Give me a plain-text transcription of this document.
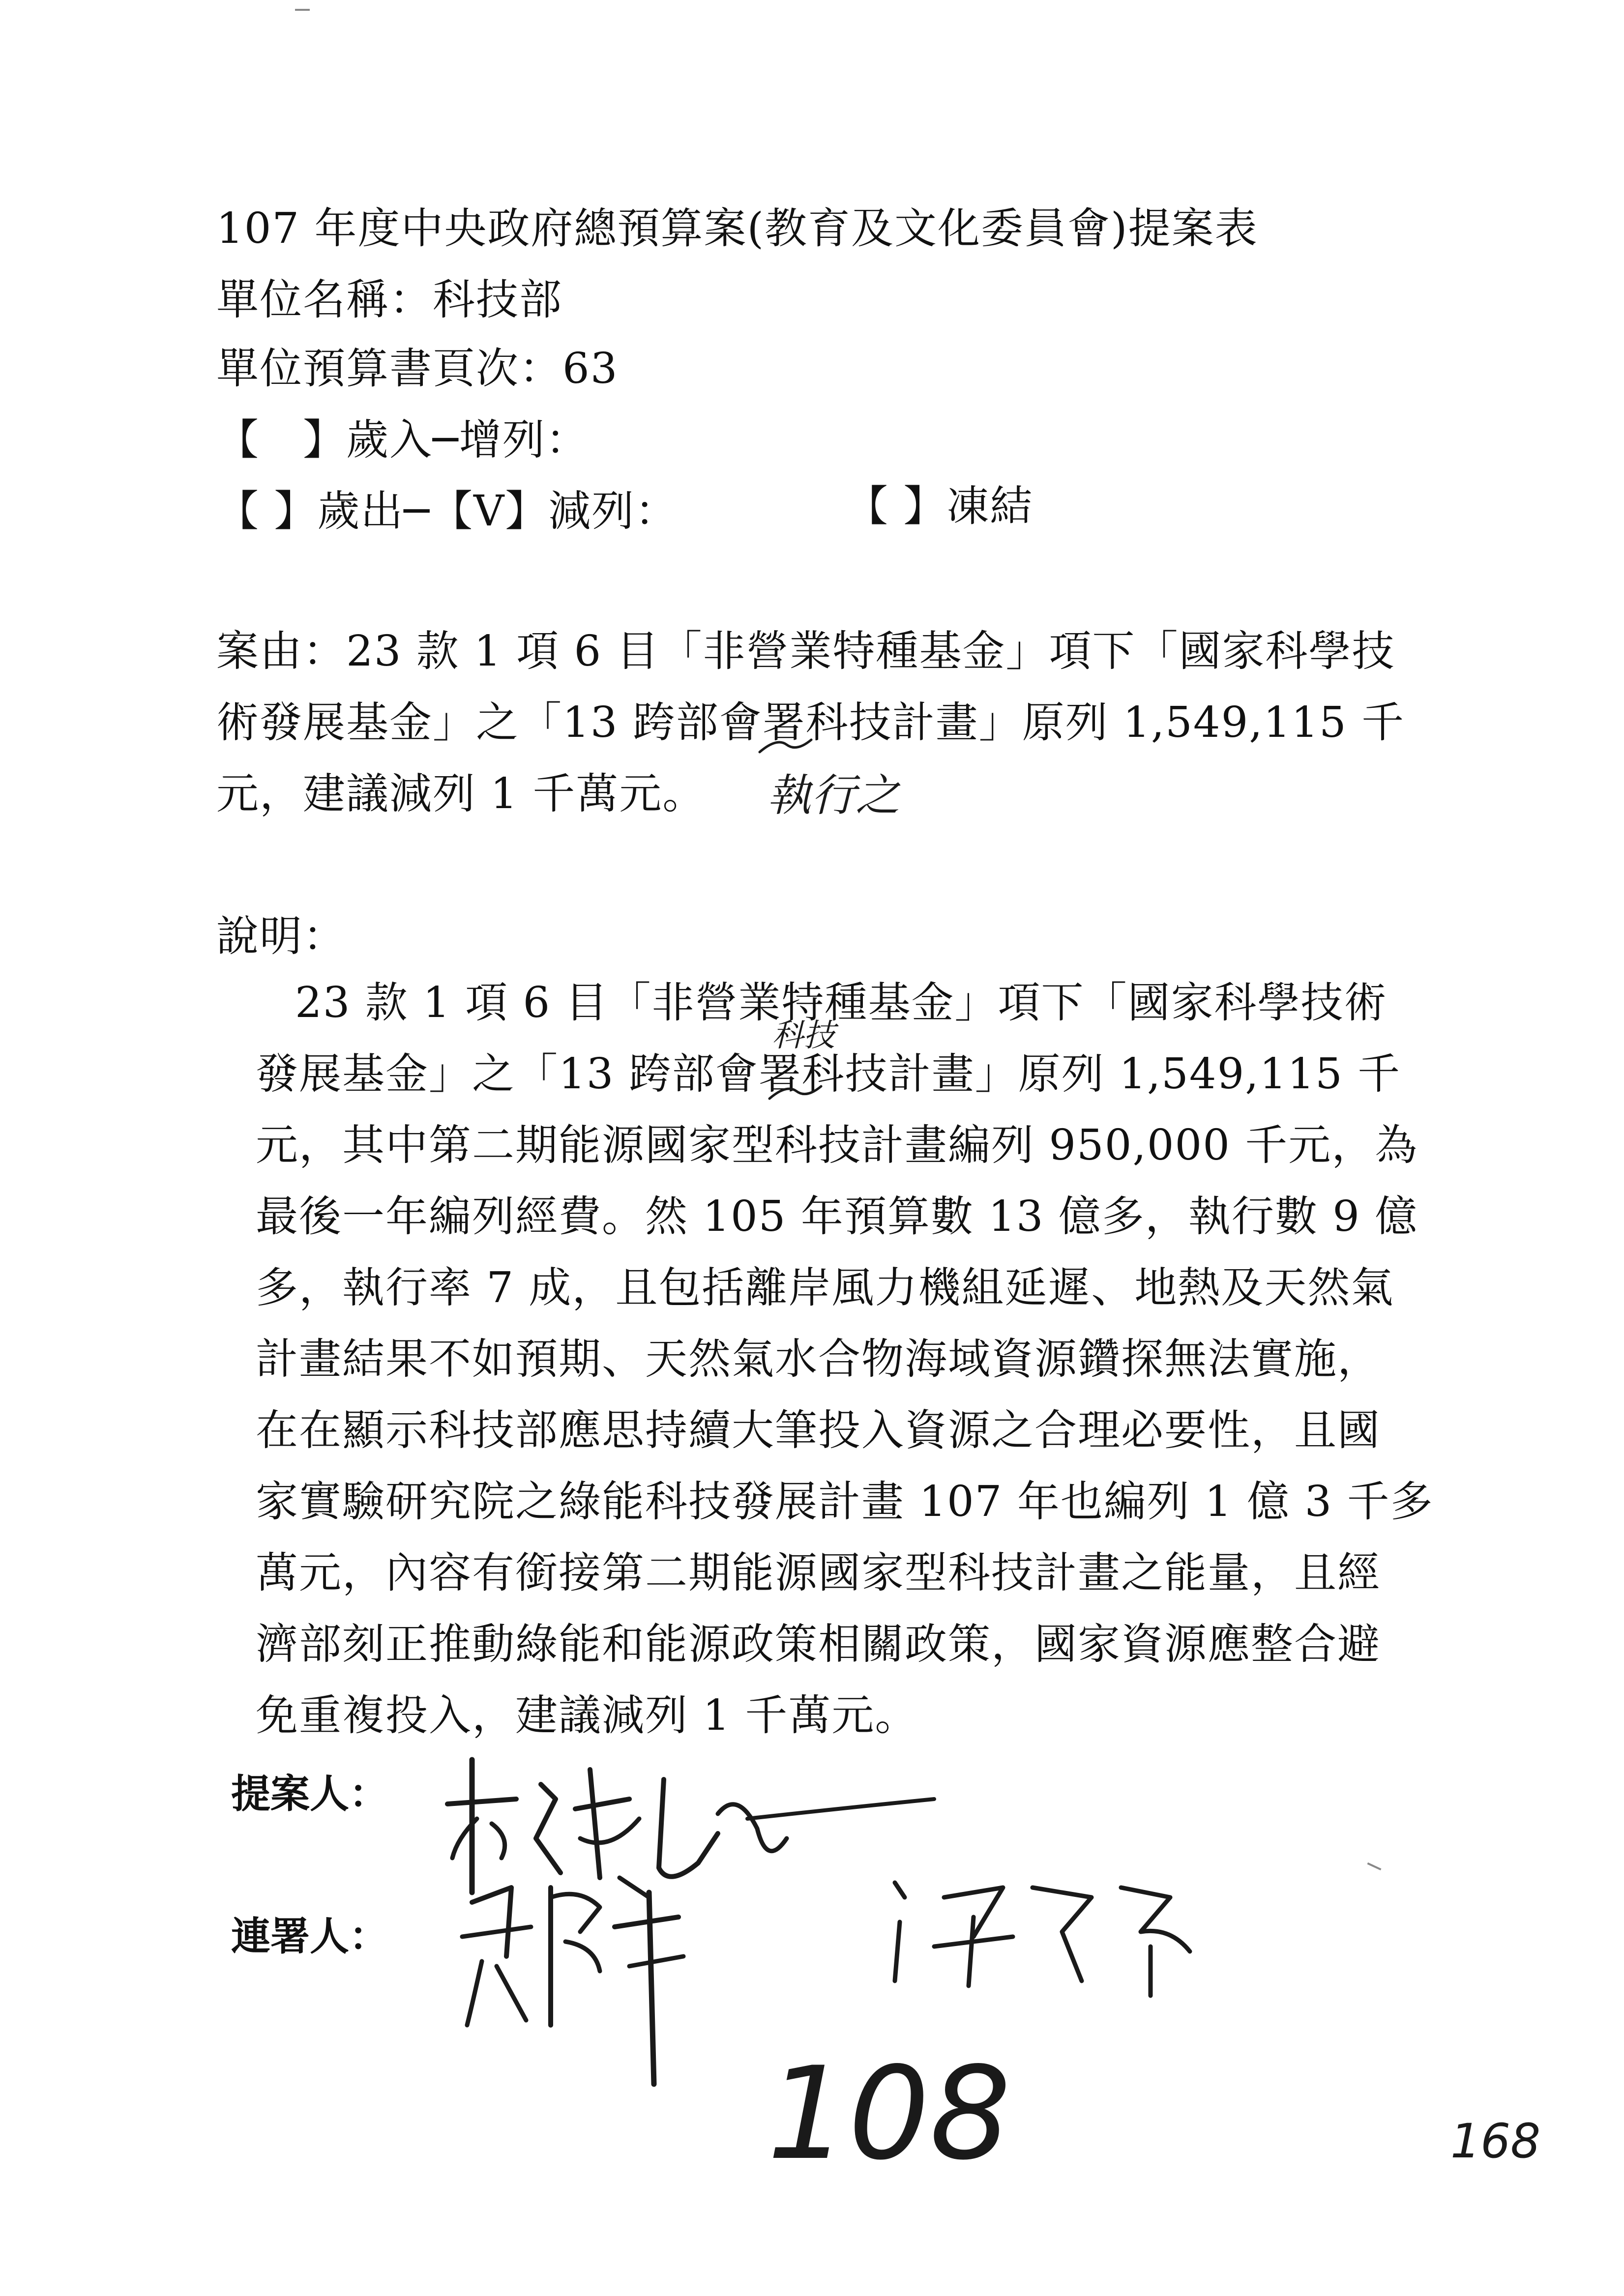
107 年度中央政府總預算案(教育及文化委員會)提案表
單位名稱：科技部
單位預算書頁次：63
【　】歲入─增列：
【 】歲出─【V】減列：	【 】凍結
案由：23 款 1 項 6 目「非營業特種基金」項下「國家科學技
術發展基金」之「13 跨部會署科技計畫」原列 1,549,115 千
元，建議減列 1 千萬元。 執行之
說明：
23 款 1 項 6 目「非營業特種基金」項下「國家科學技術
發展基金」之「13 跨部會署科技計畫」原列 1,549,115 千
元，其中第二期能源國家型科技計畫編列 950,000 千元，為
最後一年編列經費。然 105 年預算數 13 億多，執行數 9 億
多，執行率 7 成，且包括離岸風力機組延遲、地熱及天然氣
計畫結果不如預期、天然氣水合物海域資源鑽探無法實施，
在在顯示科技部應思持續大筆投入資源之合理必要性，且國
家實驗研究院之綠能科技發展計畫 107 年也編列 1 億 3 千多
萬元，內容有銜接第二期能源國家型科技計畫之能量，且經
濟部刻正推動綠能和能源政策相關政策，國家資源應整合避
免重複投入，建議減列 1 千萬元。
科技
提案人：
連署人：
108	168
